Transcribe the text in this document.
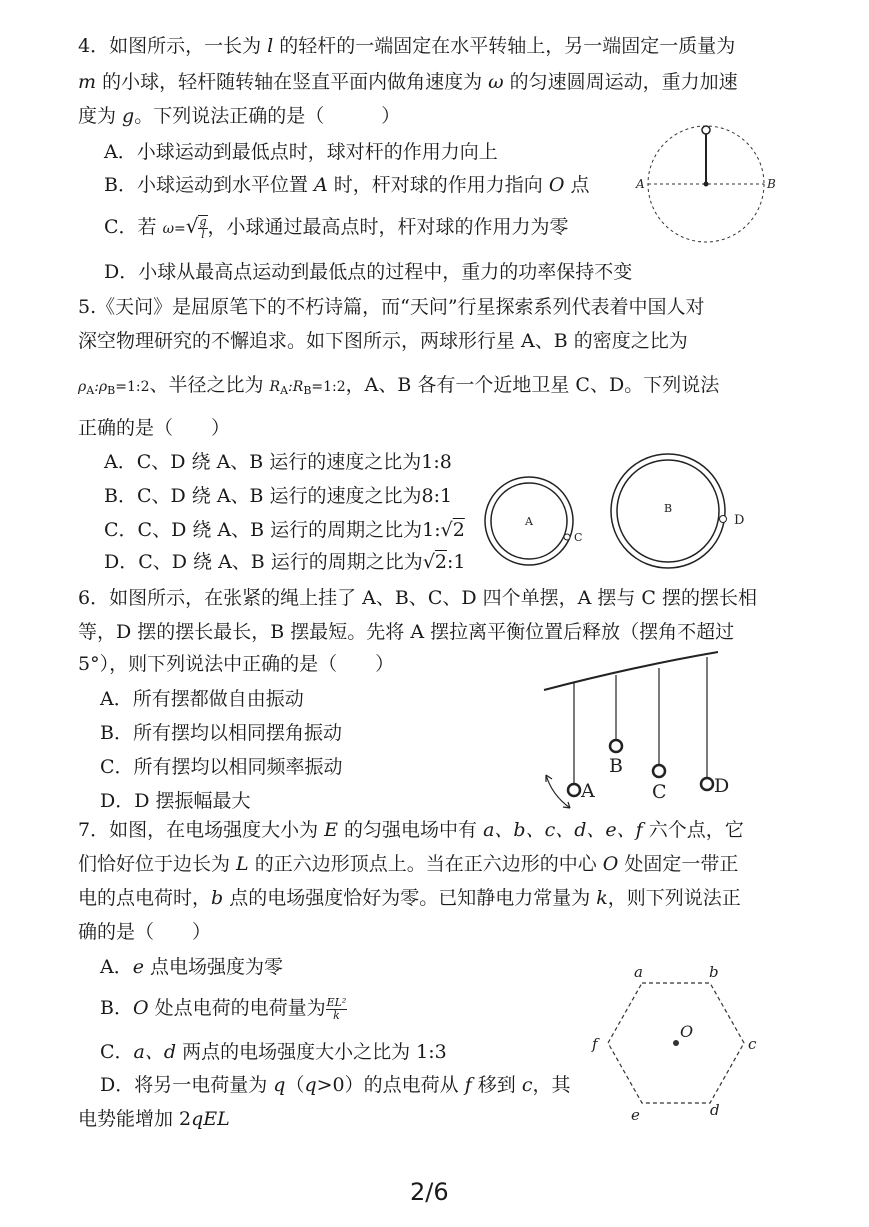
4．如图所示，一长为 l 的轻杆的一端固定在水平转轴上，另一端固定一质量为
m 的小球，轻杆随转轴在竖直平面内做角速度为 ω 的匀速圆周运动，重力加速
度为 g。下列说法正确的是（　　　）
A．小球运动到最低点时，球对杆的作用力向上
B．小球运动到水平位置 A 时，杆对球的作用力指向 O 点
C．若 $\omega=√ \frac{g}{l}$ ，小球通过最高点时，杆对球的作用力为零
D．小球从最高点运动到最低点的过程中，重力的功率保持不变
A	B
5.《天问》是屈原笔下的不朽诗篇，而“天问”行星探索系列代表着中国人对
深空物理研究的不懈追求。如下图所示，两球形行星 A、B 的密度之比为
$\rho_A:\rho_B=1:2$、半径之比为 $R_A:R_B=1:2$，A、B 各有一个近地卫星 C、D。下列说法
正确的是（　　）
A．C、D 绕 A、B 运行的速度之比为1:8
B．C、D 绕 A、B 运行的速度之比为8:1
C．C、D 绕 A、B 运行的周期之比为1:√2
D．C、D 绕 A、B 运行的周期之比为√2:1
A
C
B
D
6．如图所示，在张紧的绳上挂了 A、B、C、D 四个单摆，A 摆与 C 摆的摆长相
等，D 摆的摆长最长，B 摆最短。先将 A 摆拉离平衡位置后释放（摆角不超过
5°），则下列说法中正确的是（　　）
A．所有摆都做自由振动
B．所有摆均以相同摆角振动
C．所有摆均以相同频率振动
D．D 摆振幅最大	A
B
C D
7．如图，在电场强度大小为 E 的匀强电场中有 a、b、c、d、e、f 六个点，它
们恰好位于边长为 L 的正六边形顶点上。当在正六边形的中心 O 处固定一带正
电的点电荷时，b 点的电场强度恰好为零。已知静电力常量为 k，则下列说法正
确的是（　　）
A．e 点电场强度为零
B．O 处点电荷的电荷量为 $\frac{\text{EL²}}{k}$
C．a、d 两点的电场强度大小之比为 1:3
D．将另一电荷量为 q（q>0）的点电荷从 f 移到 c，其
电势能增加 2qEL
a	b
c
d
e
f
O
2/6
